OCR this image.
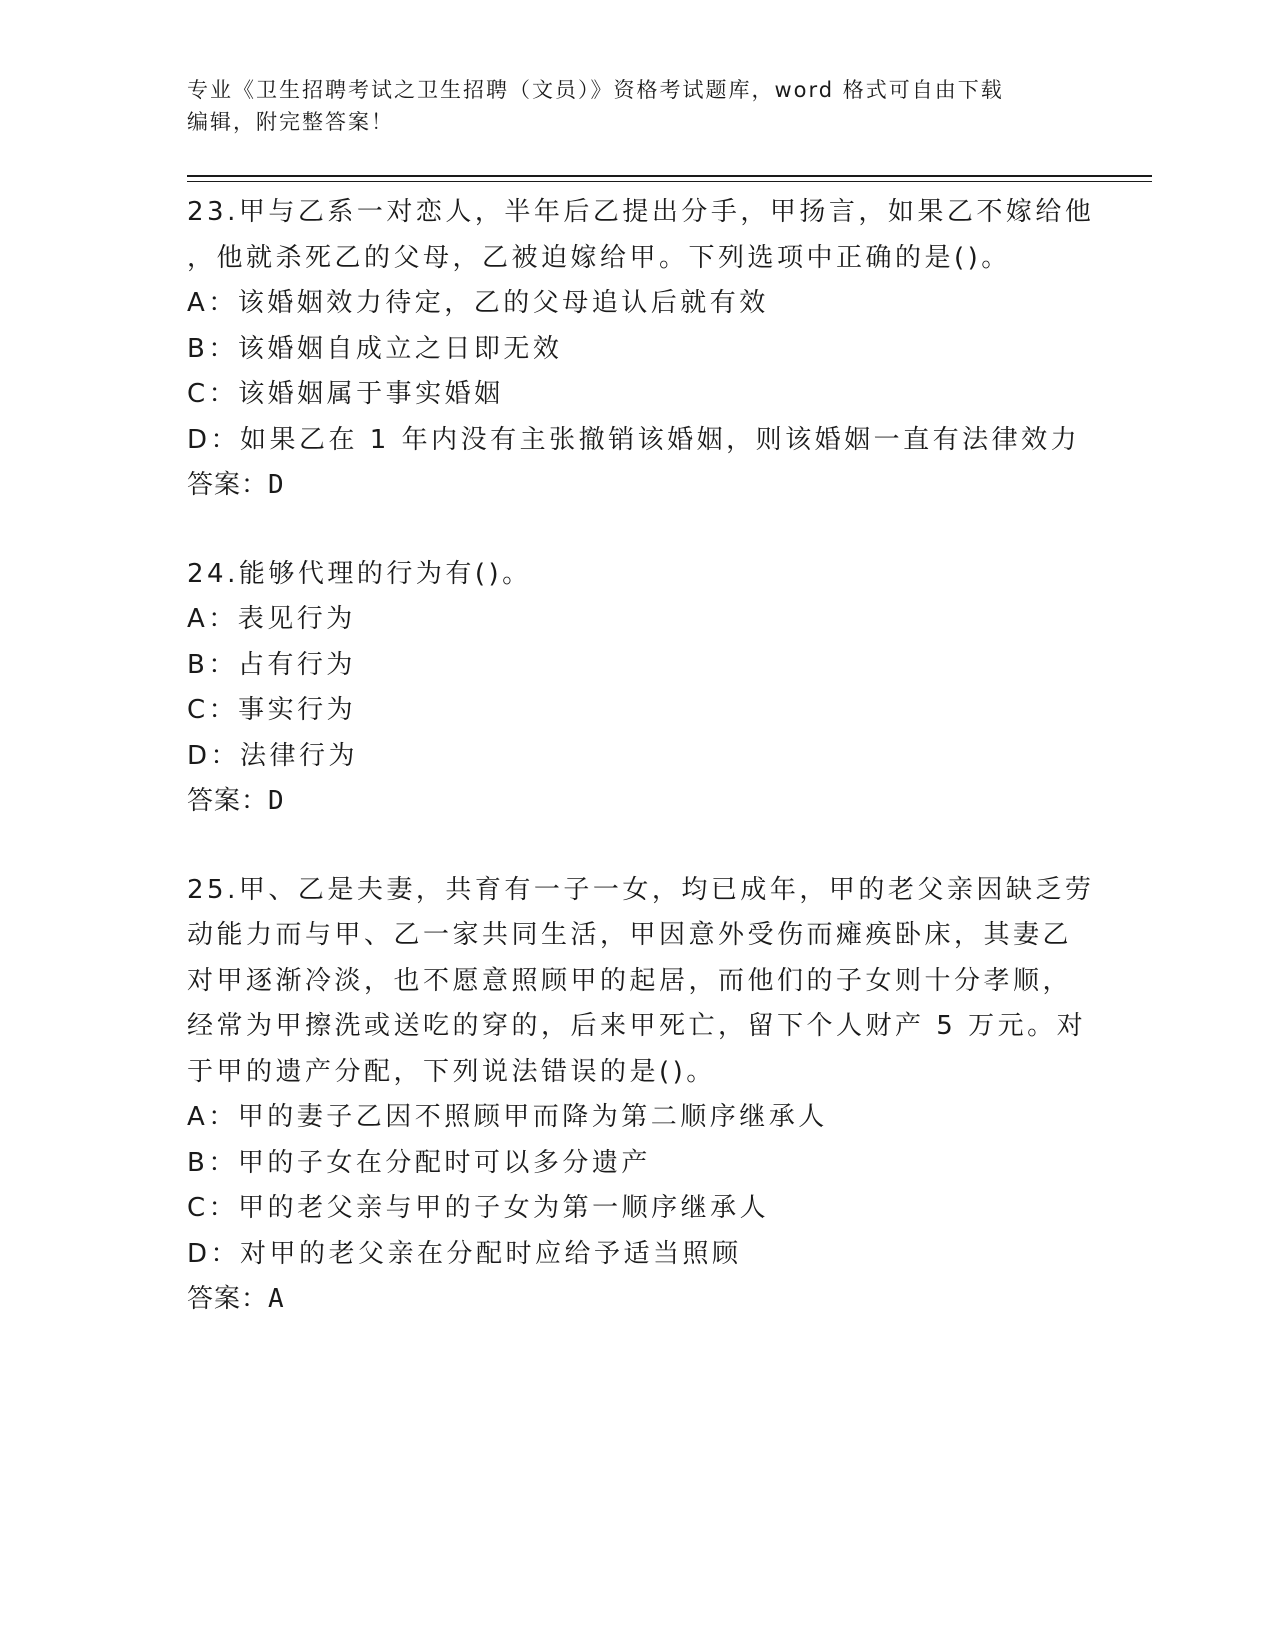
专业《卫生招聘考试之卫生招聘（文员）》资格考试题库，word 格式可自由下载
编辑，附完整答案！
23.甲与乙系一对恋人，半年后乙提出分手，甲扬言，如果乙不嫁给他
，他就杀死乙的父母，乙被迫嫁给甲。下列选项中正确的是()。
A：该婚姻效力待定，乙的父母追认后就有效
B：该婚姻自成立之日即无效
C：该婚姻属于事实婚姻
D：如果乙在 1 年内没有主张撤销该婚姻，则该婚姻一直有法律效力
答案：D
24.能够代理的行为有()。
A：表见行为
B：占有行为
C：事实行为
D：法律行为
答案：D
25.甲、乙是夫妻，共育有一子一女，均已成年，甲的老父亲因缺乏劳
动能力而与甲、乙一家共同生活，甲因意外受伤而瘫痪卧床，其妻乙
对甲逐渐冷淡，也不愿意照顾甲的起居，而他们的子女则十分孝顺，
经常为甲擦洗或送吃的穿的，后来甲死亡，留下个人财产 5 万元。对
于甲的遗产分配，下列说法错误的是()。
A：甲的妻子乙因不照顾甲而降为第二顺序继承人
B：甲的子女在分配时可以多分遗产
C：甲的老父亲与甲的子女为第一顺序继承人
D：对甲的老父亲在分配时应给予适当照顾
答案：A
